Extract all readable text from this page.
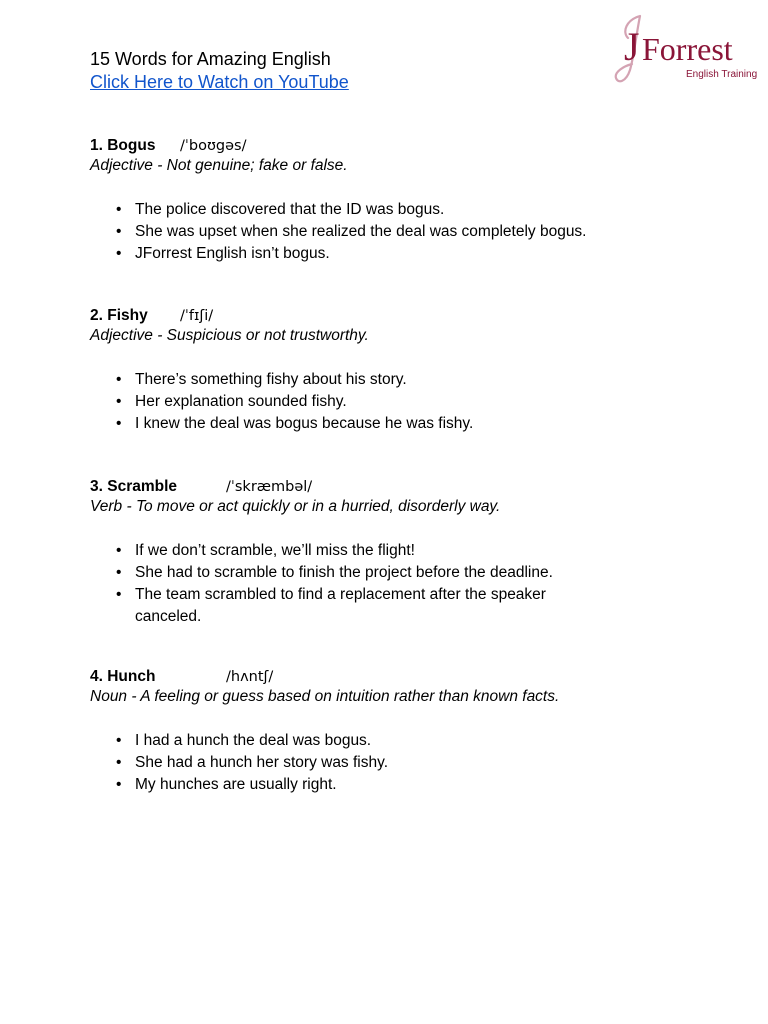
J Forrest
English Training
15 Words for Amazing English
Click Here to Watch on YouTube
1. Bogus /ˈboʊgəs/
Adjective - Not genuine; fake or false.
• The police discovered that the ID was bogus.
• She was upset when she realized the deal was completely bogus.
• JForrest English isn’t bogus.
2. Fishy /ˈfɪʃi/
Adjective - Suspicious or not trustworthy.
• There’s something fishy about his story.
• Her explanation sounded fishy.
• I knew the deal was bogus because he was fishy.
3. Scramble	/ˈskræmbəl/
Verb - To move or act quickly or in a hurried, disorderly way.
• If we don’t scramble, we’ll miss the flight!
• She had to scramble to finish the project before the deadline.
• The team scrambled to find a replacement after the speaker canceled.
4. Hunch	/hʌntʃ/
Noun - A feeling or guess based on intuition rather than known facts.
• I had a hunch the deal was bogus.
• She had a hunch her story was fishy.
• My hunches are usually right.
